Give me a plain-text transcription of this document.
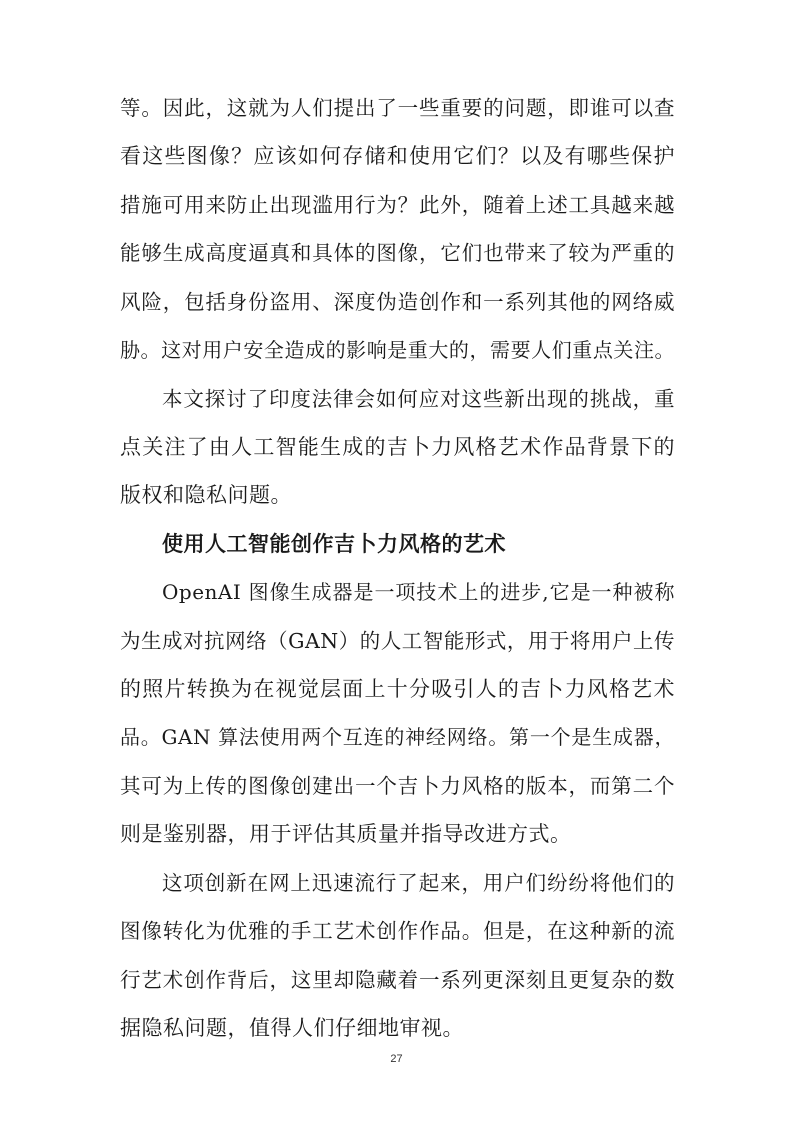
等。因此，这就为人们提出了一些重要的问题，即谁可以查
看这些图像？应该如何存储和使用它们？以及有哪些保护
措施可用来防止出现滥用行为？此外，随着上述工具越来越
能够生成高度逼真和具体的图像，它们也带来了较为严重的
风险，包括身份盗用、深度伪造创作和一系列其他的网络威
胁。这对用户安全造成的影响是重大的，需要人们重点关注。
本文探讨了印度法律会如何应对这些新出现的挑战，重
点关注了由人工智能生成的吉卜力风格艺术作品背景下的
版权和隐私问题。
使用人工智能创作吉卜力风格的艺术
OpenAI 图像生成器是一项技术上的进步,它是一种被称
为生成对抗网络（GAN）的人工智能形式，用于将用户上传
的照片转换为在视觉层面上十分吸引人的吉卜力风格艺术
品。GAN 算法使用两个互连的神经网络。第一个是生成器，
其可为上传的图像创建出一个吉卜力风格的版本，而第二个
则是鉴别器，用于评估其质量并指导改进方式。
这项创新在网上迅速流行了起来，用户们纷纷将他们的
图像转化为优雅的手工艺术创作作品。但是，在这种新的流
行艺术创作背后，这里却隐藏着一系列更深刻且更复杂的数
据隐私问题，值得人们仔细地审视。
27
